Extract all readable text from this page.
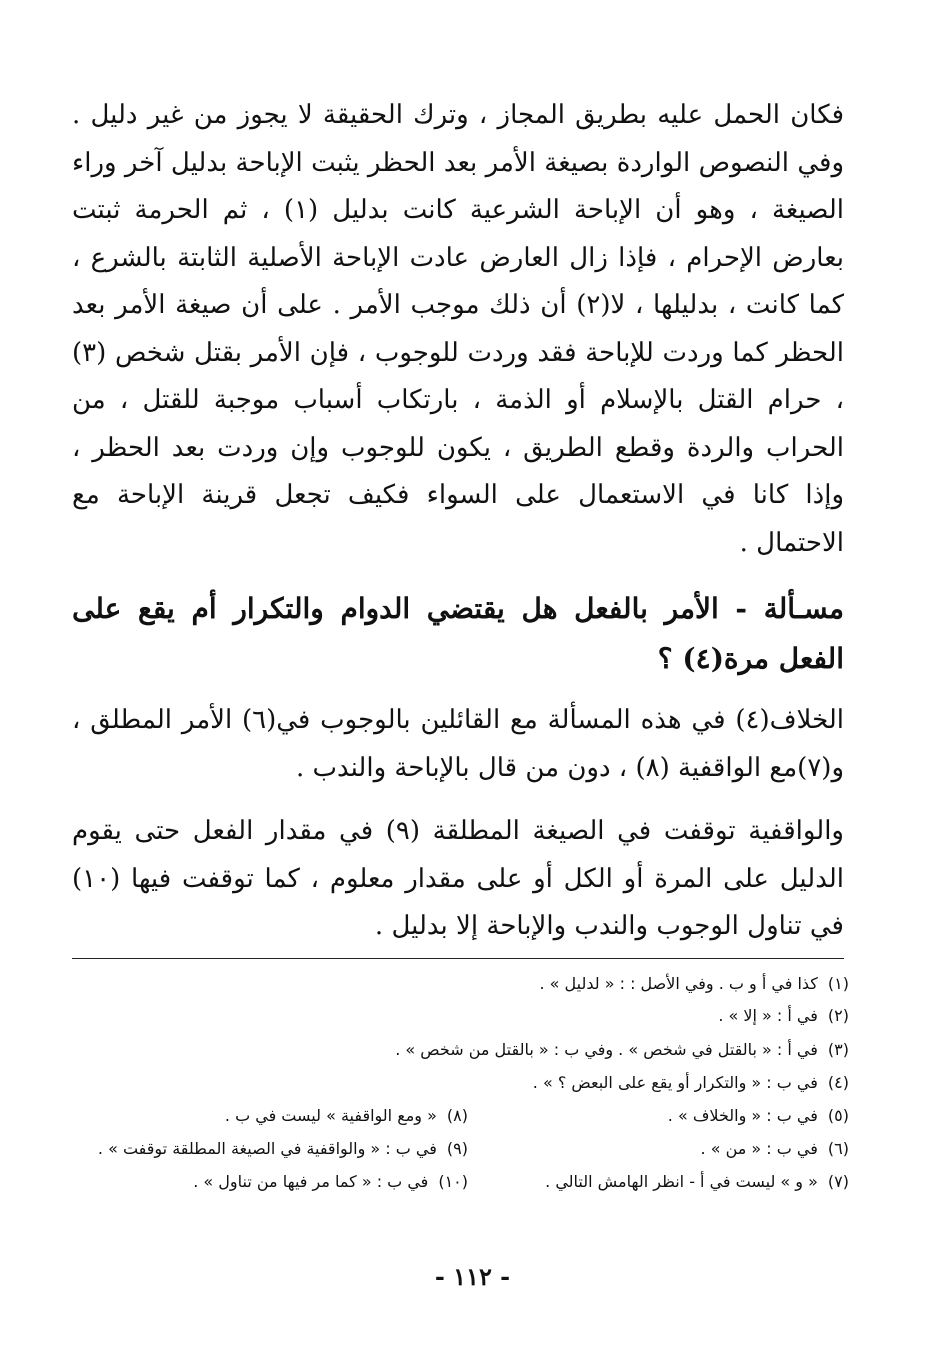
فكان الحمل عليه بطريق المجاز ، وترك الحقيقة لا يجوز من غير دليل . وفي النصوص الواردة بصيغة الأمر بعد الحظر يثبت الإباحة بدليل آخر وراء الصيغة ، وهو أن الإباحة الشرعية كانت بدليل (١) ، ثم الحرمة ثبتت بعارض الإحرام ، فإذا زال العارض عادت الإباحة الأصلية الثابتة بالشرع ، كما كانت ، بدليلها ، لا(٢) أن ذلك موجب الأمر . على أن صيغة الأمر بعد الحظر كما وردت للإباحة فقد وردت للوجوب ، فإن الأمر بقتل شخص (٣) ، حرام القتل بالإسلام أو الذمة ، بارتكاب أسباب موجبة للقتل ، من الحراب والردة وقطع الطريق ، يكون للوجوب وإن وردت بعد الحظر ، وإذا كانا في الاستعمال على السواء فكيف تجعل قرينة الإباحة مع الاحتمال .

مسـألة - الأمر بالفعل هل يقتضي الدوام والتكرار أم يقع على الفعل مرة(٤) ؟

الخلاف(٤) في هذه المسألة مع القائلين بالوجوب في(٦) الأمر المطلق ، و(٧)مع الواقفية (٨) ، دون من قال بالإباحة والندب .

والواقفية توقفت في الصيغة المطلقة (٩) في مقدار الفعل حتى يقوم الدليل على المرة أو الكل أو على مقدار معلوم ، كما توقفت فيها (١٠) في تناول الوجوب والندب والإباحة إلا بدليل .

(١)كذا في أ و ب . وفي الأصل : : « لدليل » .
(٢)في أ : « إلا » .
(٣)في أ : « بالقتل في شخص » . وفي ب : « بالقتل من شخص » .
(٤)في ب : « والتكرار أو يقع على البعض ؟ » .
(٥)في ب : « والخلاف » .
(٦)في ب : « من » .
(٧)« و » ليست في أ - انظر الهامش التالي .
(٨)« ومع الواقفية » ليست في ب .
(٩)في ب : « والواقفية في الصيغة المطلقة توقفت » .
(١٠)في ب : « كما مر فيها من تناول » .
- ١١٢ -
